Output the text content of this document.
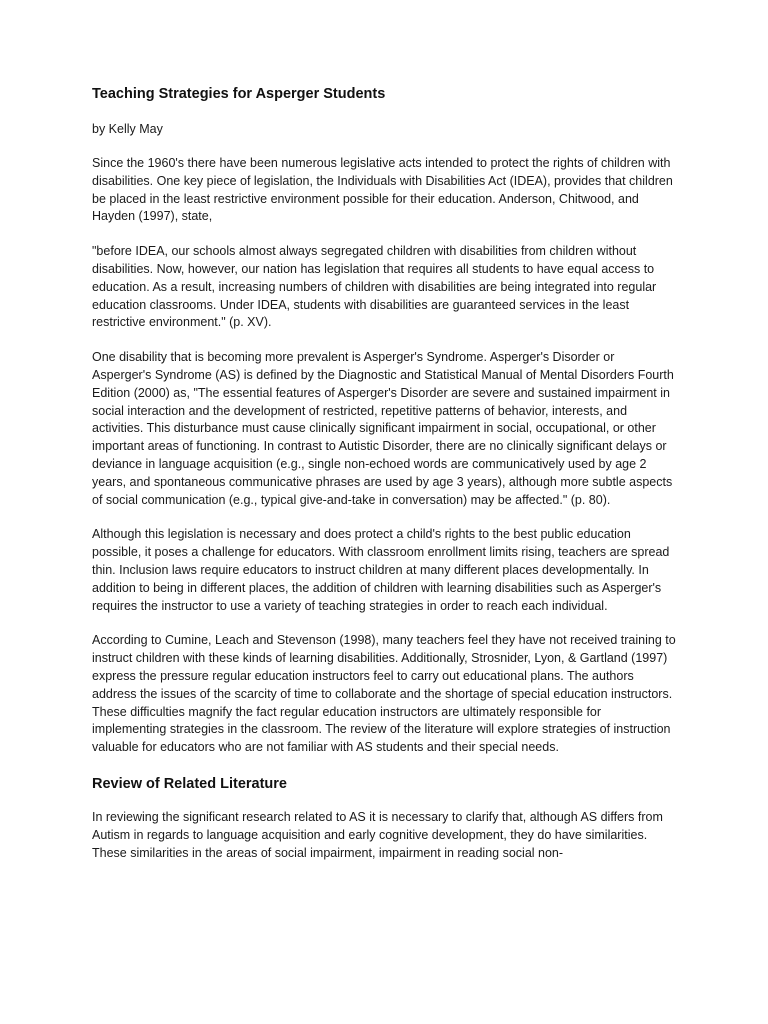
Teaching Strategies for Asperger Students

by Kelly May

Since the 1960's there have been numerous legislative acts intended to protect the rights of children with disabilities. One key piece of legislation, the Individuals with Disabilities Act (IDEA), provides that children be placed in the least restrictive environment possible for their education. Anderson, Chitwood, and Hayden (1997), state,

"before IDEA, our schools almost always segregated children with disabilities from children without disabilities. Now, however, our nation has legislation that requires all students to have equal access to education. As a result, increasing numbers of children with disabilities are being integrated into regular education classrooms. Under IDEA, students with disabilities are guaranteed services in the least restrictive environment." (p. XV).

One disability that is becoming more prevalent is Asperger's Syndrome. Asperger's Disorder or Asperger's Syndrome (AS) is defined by the Diagnostic and Statistical Manual of Mental Disorders Fourth Edition (2000) as, "The essential features of Asperger's Disorder are severe and sustained impairment in social interaction and the development of restricted, repetitive patterns of behavior, interests, and activities. This disturbance must cause clinically significant impairment in social, occupational, or other important areas of functioning. In contrast to Autistic Disorder, there are no clinically significant delays or deviance in language acquisition (e.g., single non-echoed words are communicatively used by age 2 years, and spontaneous communicative phrases are used by age 3 years), although more subtle aspects of social communication (e.g., typical give-and-take in conversation) may be affected." (p. 80).

Although this legislation is necessary and does protect a child's rights to the best public education possible, it poses a challenge for educators. With classroom enrollment limits rising, teachers are spread thin. Inclusion laws require educators to instruct children at many different places developmentally. In addition to being in different places, the addition of children with learning disabilities such as Asperger's requires the instructor to use a variety of teaching strategies in order to reach each individual.

According to Cumine, Leach and Stevenson (1998), many teachers feel they have not received training to instruct children with these kinds of learning disabilities. Additionally, Strosnider, Lyon, & Gartland (1997) express the pressure regular education instructors feel to carry out educational plans. The authors address the issues of the scarcity of time to collaborate and the shortage of special education instructors. These difficulties magnify the fact regular education instructors are ultimately responsible for implementing strategies in the classroom. The review of the literature will explore strategies of instruction valuable for educators who are not familiar with AS students and their special needs.

Review of Related Literature

In reviewing the significant research related to AS it is necessary to clarify that, although AS differs from Autism in regards to language acquisition and early cognitive development, they do have similarities. These similarities in the areas of social impairment, impairment in reading social non-
